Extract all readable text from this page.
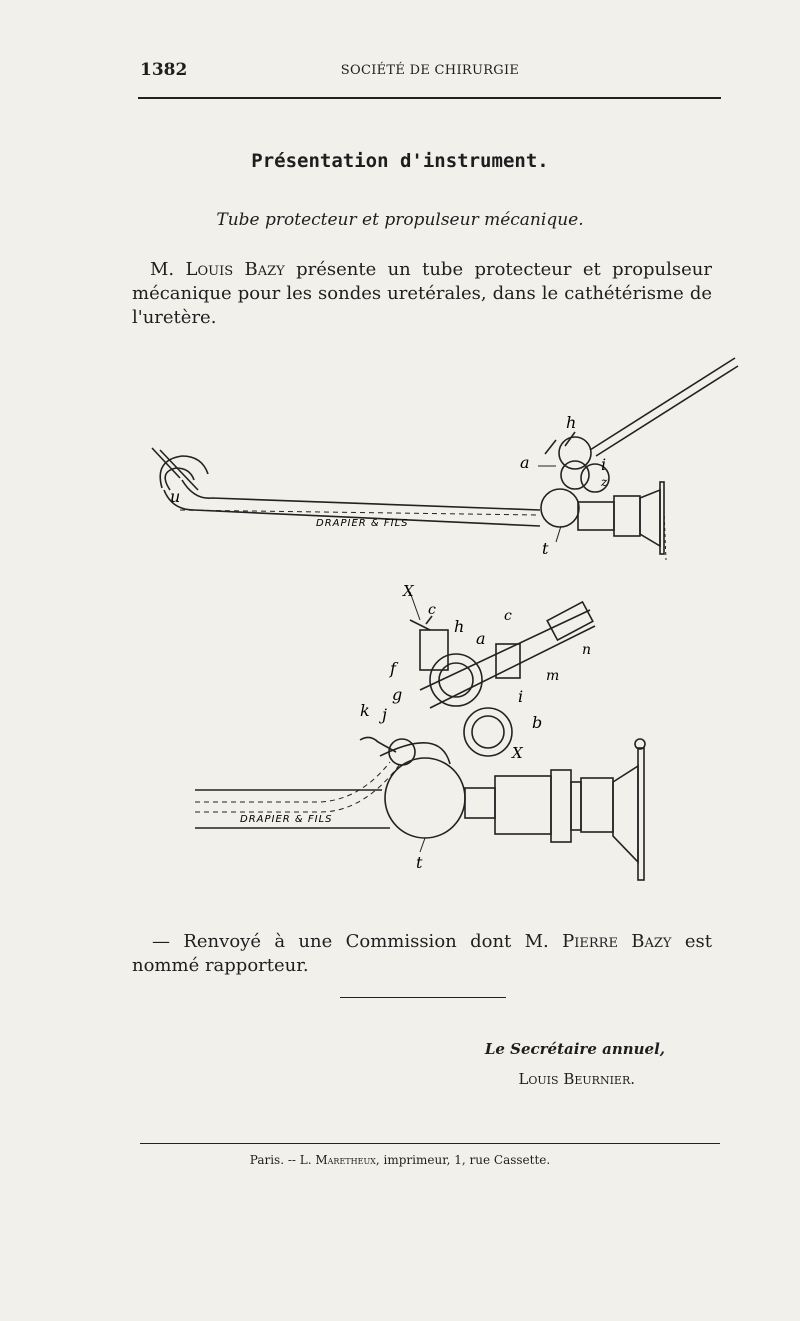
1382	SOCIÉTÉ DE CHIRURGIE
Présentation d'instrument.
Tube protecteur et propulseur mécanique.
M. Louis Bazy présente un tube protecteur et propulseur mécanique pour les sondes uretérales, dans le cathétérisme de l'uretère.
u
a
h
i
z
t
DRAPIER & FILS
X
c
h
a
c
n
m
f
g	i
b
k j
X
t
DRAPIER & FILS
— Renvoyé à une Commission dont M. Pierre Bazy est nommé rapporteur.
Le Secrétaire annuel,
Louis Beurnier.
Paris. -- L. Maretheux, imprimeur, 1, rue Cassette.
